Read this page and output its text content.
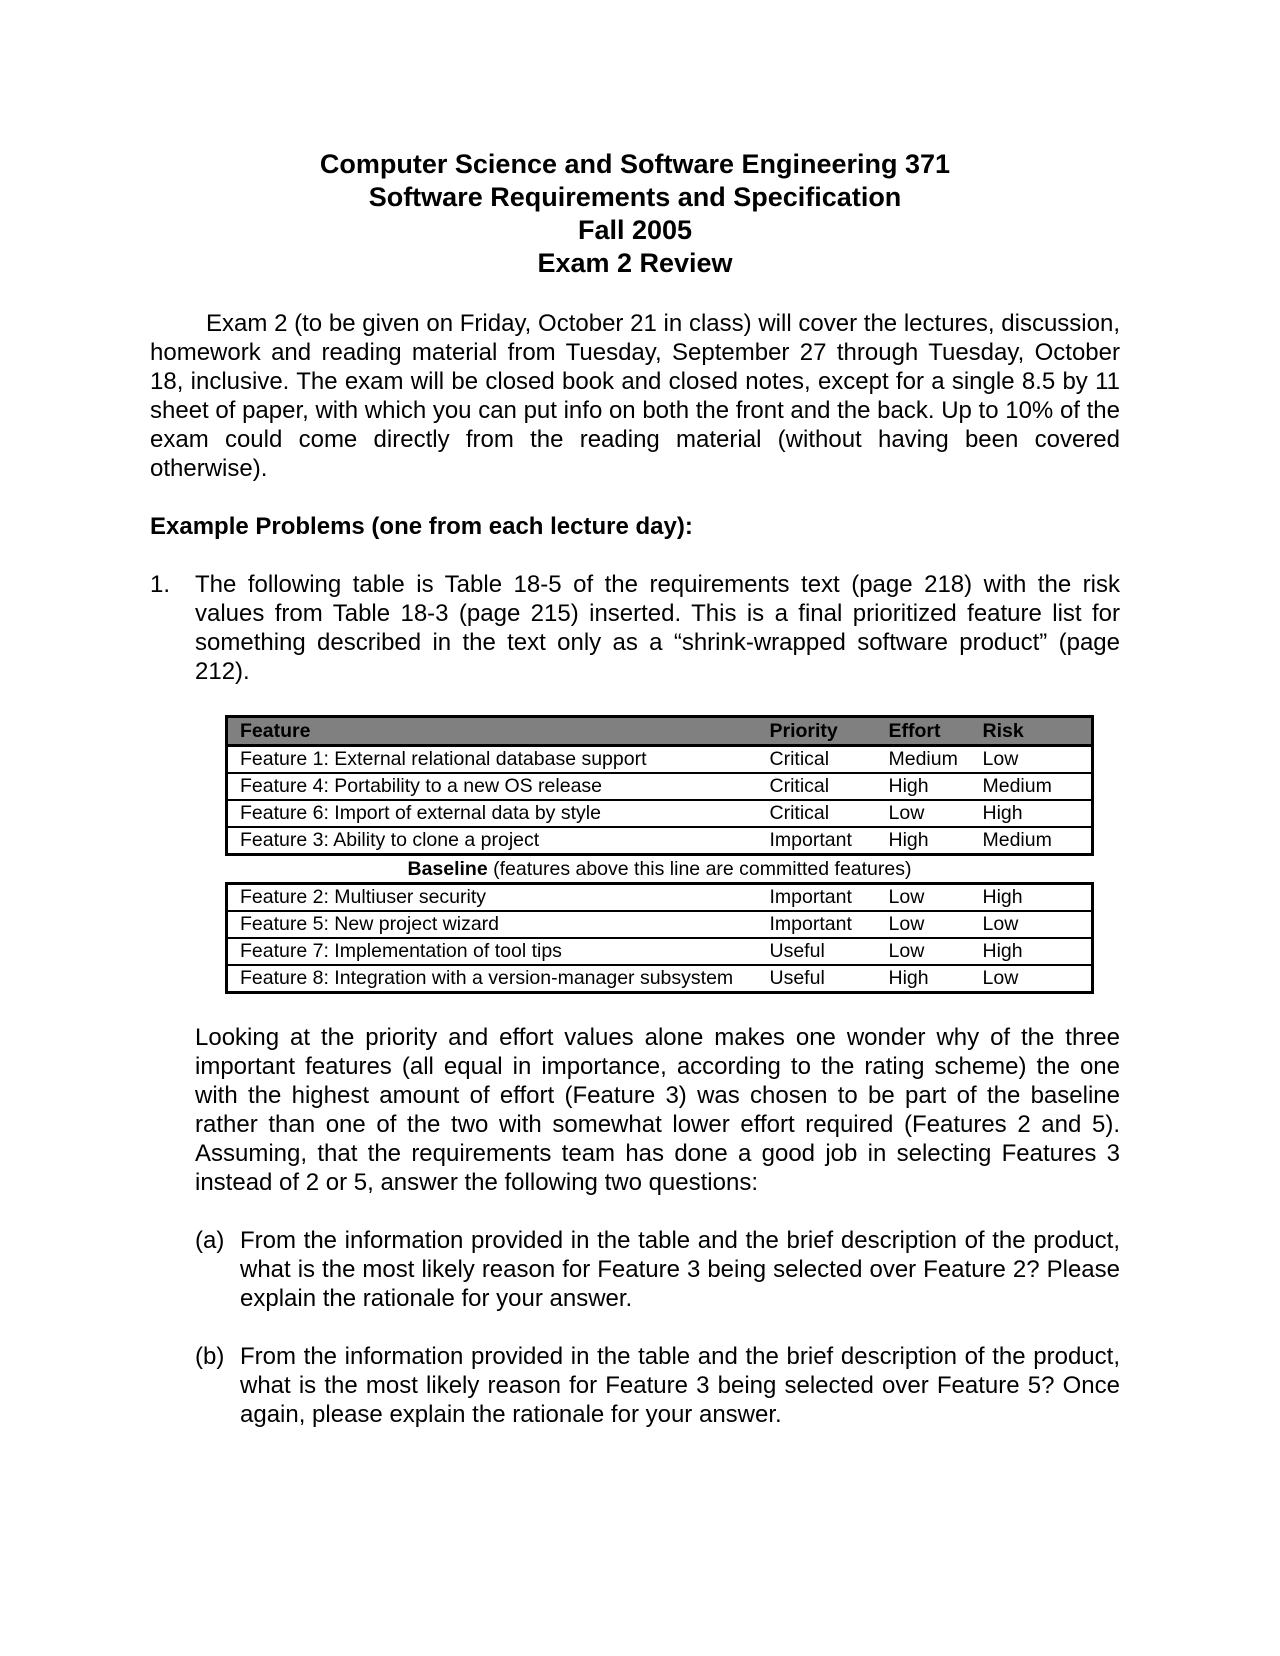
Computer Science and Software Engineering 371
Software Requirements and Specification
Fall 2005
Exam 2 Review

Exam 2 (to be given on Friday, October 21 in class) will cover the lectures, discussion, homework and reading material from Tuesday, September 27 through Tuesday, October 18, inclusive. The exam will be closed book and closed notes, except for a single 8.5 by 11 sheet of paper, with which you can put info on both the front and the back. Up to 10% of the exam could come directly from the reading material (without having been covered otherwise).

Example Problems (one from each lecture day):
1. The following table is Table 18-5 of the requirements text (page 218) with the risk values from Table 18-3 (page 215) inserted. This is a final prioritized feature list for something described in the text only as a “shrink-wrapped software product” (page 212).
Feature	Priority	Effort	Risk
Feature 1: External relational database support	Critical	Medium	Low
Feature 4: Portability to a new OS release	Critical	High	Medium
Feature 6: Import of external data by style	Critical	Low	High
Feature 3: Ability to clone a project	Important	High	Medium
Baseline (features above this line are committed features)
Feature 2: Multiuser security	Important	Low	High
Feature 5: New project wizard	Important	Low	Low
Feature 7: Implementation of tool tips	Useful	Low	High
Feature 8: Integration with a version-manager subsystem	Useful	High	Low

Looking at the priority and effort values alone makes one wonder why of the three important features (all equal in importance, according to the rating scheme) the one with the highest amount of effort (Feature 3) was chosen to be part of the baseline rather than one of the two with somewhat lower effort required (Features 2 and 5). Assuming, that the requirements team has done a good job in selecting Features 3 instead of 2 or 5, answer the following two questions:

(a) From the information provided in the table and the brief description of the product, what is the most likely reason for Feature 3 being selected over Feature 2? Please explain the rationale for your answer.
(b) From the information provided in the table and the brief description of the product, what is the most likely reason for Feature 3 being selected over Feature 5? Once again, please explain the rationale for your answer.
